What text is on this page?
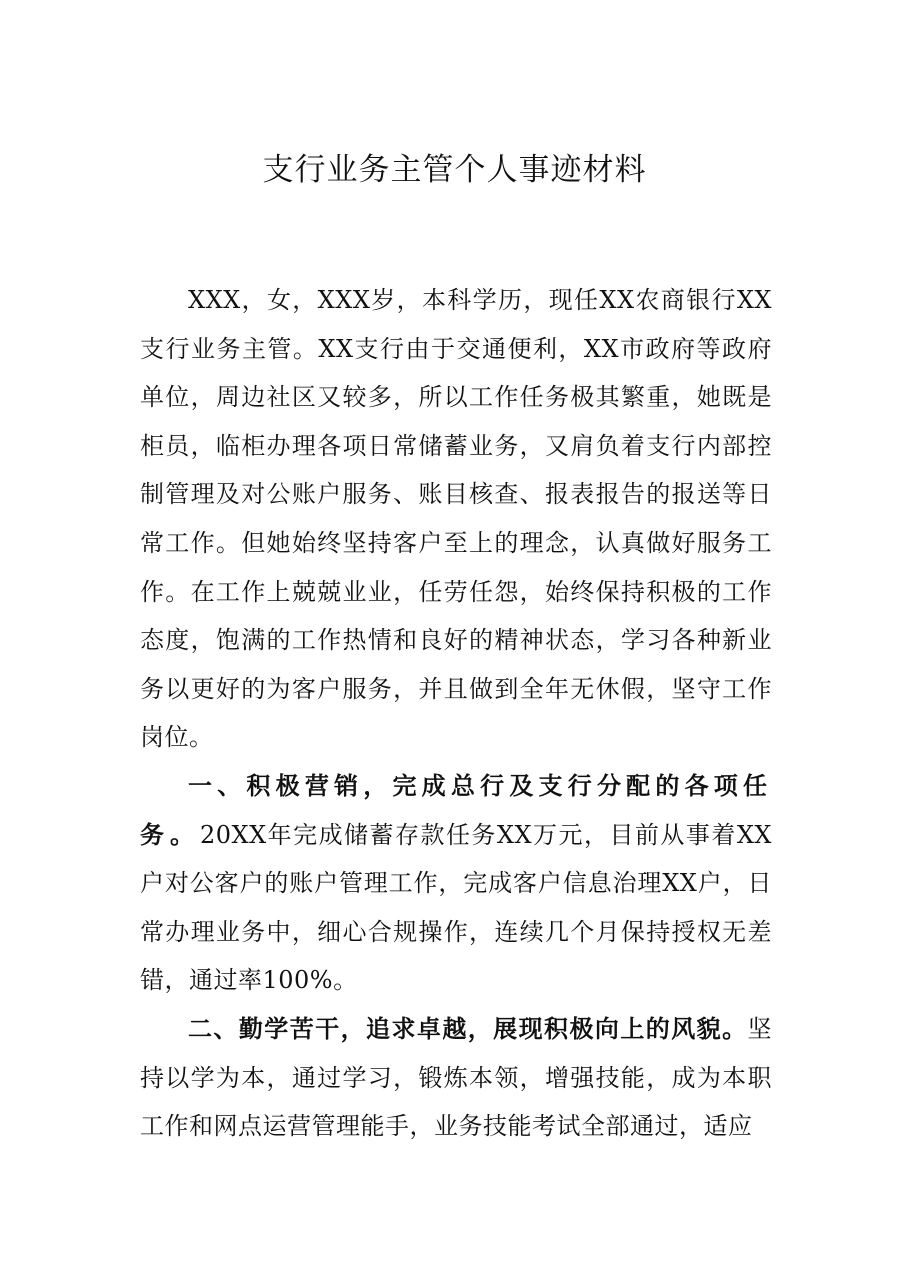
支行业务主管个人事迹材料

XXX，女，XXX岁，本科学历，现任XX农商银行XX支行业务主管。XX支行由于交通便利，XX市政府等政府单位，周边社区又较多，所以工作任务极其繁重，她既是柜员，临柜办理各项日常储蓄业务，又肩负着支行内部控制管理及对公账户服务、账目核查、报表报告的报送等日常工作。但她始终坚持客户至上的理念，认真做好服务工作。在工作上兢兢业业，任劳任怨，始终保持积极的工作态度，饱满的工作热情和良好的精神状态，学习各种新业务以更好的为客户服务，并且做到全年无休假，坚守工作岗位。

一、积极营销，完成总行及支行分配的各项任务。20XX年完成储蓄存款任务XX万元，目前从事着XX户对公客户的账户管理工作，完成客户信息治理XX户，日常办理业务中，细心合规操作，连续几个月保持授权无差错，通过率100%。

二、勤学苦干，追求卓越，展现积极向上的风貌。坚持以学为本，通过学习，锻炼本领，增强技能，成为本职工作和网点运营管理能手，业务技能考试全部通过，适应
